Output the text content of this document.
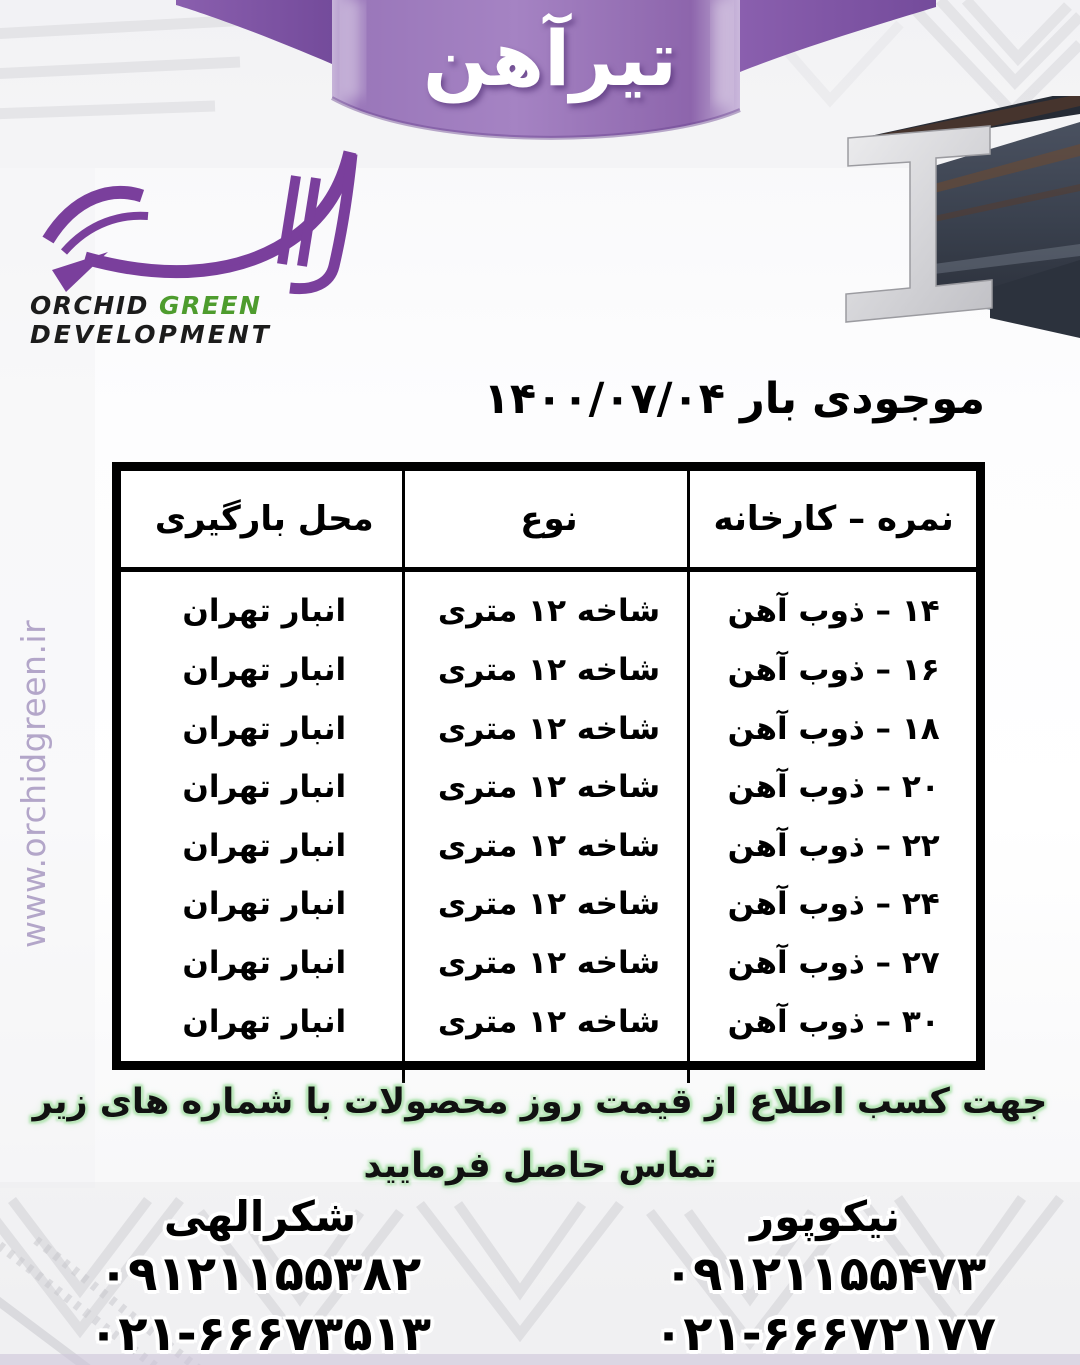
تیرآهن
ORCHID GREEN
DEVELOPMENT
www.orchidgreen.ir
موجودی بار ۱۴۰۰/۰۷/۰۴
نمره – کارخانه
نوع
محل بارگیری
۱۴ – ذوب آهن
شاخه ۱۲ متری
انبار تهران
۱۶ – ذوب آهن
شاخه ۱۲ متری
انبار تهران
۱۸ – ذوب آهن
شاخه ۱۲ متری
انبار تهران
۲۰ – ذوب آهن
شاخه ۱۲ متری
انبار تهران
۲۲ – ذوب آهن
شاخه ۱۲ متری
انبار تهران
۲۴ – ذوب آهن
شاخه ۱۲ متری
انبار تهران
۲۷ – ذوب آهن
شاخه ۱۲ متری
انبار تهران
۳۰ – ذوب آهن
شاخه ۱۲ متری
انبار تهران
جهت کسب اطلاع از قیمت روز محصولات با شماره های زیر
تماس حاصل فرمایید
نیکوپور
۰۹۱۲۱۱۵۵۴۷۳
۰۲۱-۶۶۶۷۲۱۷۷
شکرالهی
۰۹۱۲۱۱۵۵۳۸۲
۰۲۱-۶۶۶۷۳۵۱۳
